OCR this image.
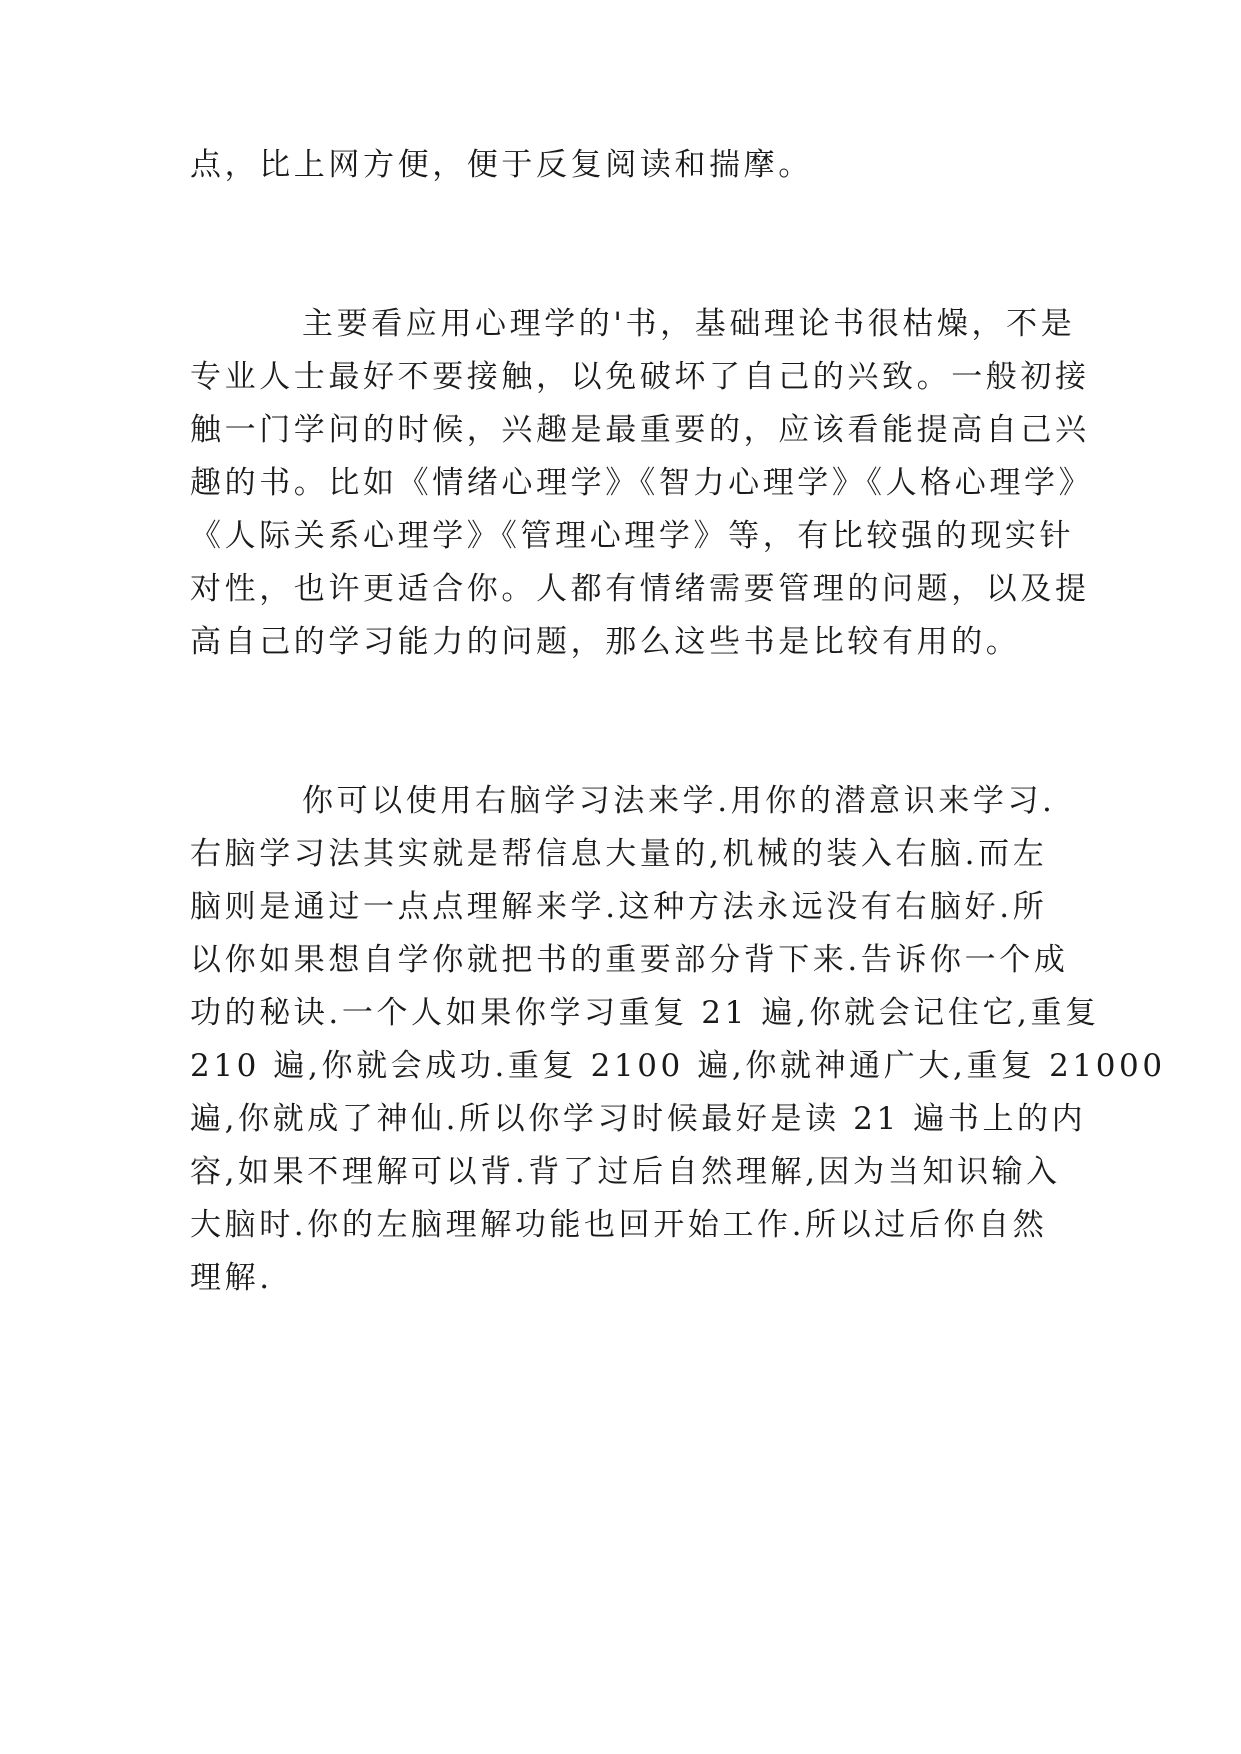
点，比上网方便，便于反复阅读和揣摩。
主要看应用心理学的'书，基础理论书很枯燥，不是
专业人士最好不要接触，以免破坏了自己的兴致。一般初接
触一门学问的时候，兴趣是最重要的，应该看能提高自己兴
趣的书。比如《情绪心理学》《智力心理学》《人格心理学》
《人际关系心理学》《管理心理学》等，有比较强的现实针
对性，也许更适合你。人都有情绪需要管理的问题，以及提
高自己的学习能力的问题，那么这些书是比较有用的。
你可以使用右脑学习法来学.用你的潜意识来学习.
右脑学习法其实就是帮信息大量的,机械的装入右脑.而左
脑则是通过一点点理解来学.这种方法永远没有右脑好.所
以你如果想自学你就把书的重要部分背下来.告诉你一个成
功的秘诀.一个人如果你学习重复 21 遍,你就会记住它,重复
210 遍,你就会成功.重复 2100 遍,你就神通广大,重复 21000
遍,你就成了神仙.所以你学习时候最好是读 21 遍书上的内
容,如果不理解可以背.背了过后自然理解,因为当知识输入
大脑时.你的左脑理解功能也回开始工作.所以过后你自然
理解.
